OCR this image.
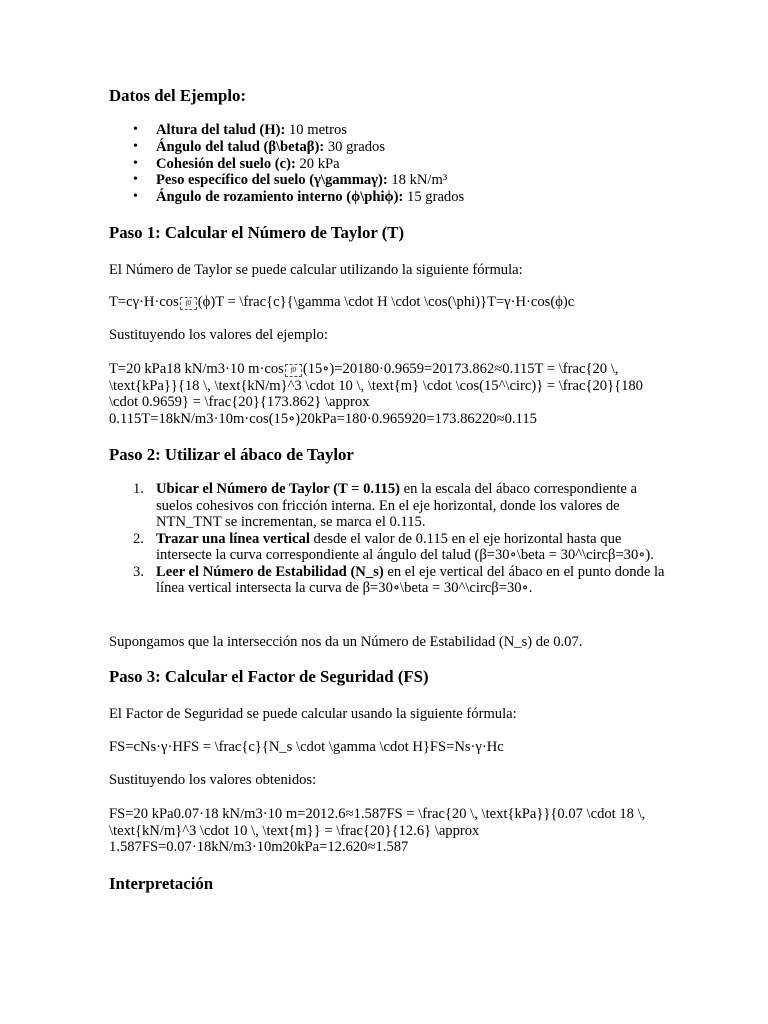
Datos del Ejemplo:
• Altura del talud (H): 10 metros
• Ángulo del talud (β\betaβ): 30 grados
• Cohesión del suelo (c): 20 kPa
• Peso específico del suelo (γ\gammaγ): 18 kN/m³
• Ángulo de rozamiento interno (ϕ\phiϕ): 15 grados
Paso 1: Calcular el Número de Taylor (T)

El Número de Taylor se puede calcular utilizando la siguiente fórmula:

T=cγ·H·cos f0 (ϕ)T = \frac{c}{\gamma \cdot H \cdot \cos(\phi)}T=γ·H·cos(ϕ)c

Sustituyendo los valores del ejemplo:

T=20 kPa18 kN/m3·10 m·cos f0 (15∘)=20180·0.9659=20173.862≈0.115T = \frac{20 \, \text{kPa}}{18 \, \text{kN/m}^3 \cdot 10 \, \text{m} \cdot \cos(15^\circ)} = \frac{20}{180 \cdot 0.9659} = \frac{20}{173.862} \approx 0.115T=18kN/m3·10m·cos(15∘)20kPa=180·0.965920=173.86220≈0.115

Paso 2: Utilizar el ábaco de Taylor
1. Ubicar el Número de Taylor (T = 0.115) en la escala del ábaco correspondiente a suelos cohesivos con fricción interna. En el eje horizontal, donde los valores de NTN_TNT se incrementan, se marca el 0.115.
2. Trazar una línea vertical desde el valor de 0.115 en el eje horizontal hasta que intersecte la curva correspondiente al ángulo del talud (β=30∘\beta = 30^\circβ=30∘).
3. Leer el Número de Estabilidad (N_s) en el eje vertical del ábaco en el punto donde la línea vertical intersecta la curva de β=30∘\beta = 30^\circβ=30∘.

Supongamos que la intersección nos da un Número de Estabilidad (N_s) de 0.07.

Paso 3: Calcular el Factor de Seguridad (FS)

El Factor de Seguridad se puede calcular usando la siguiente fórmula:

FS=cNs·γ·HFS = \frac{c}{N_s \cdot \gamma \cdot H}FS=Ns·γ·Hc

Sustituyendo los valores obtenidos:

FS=20 kPa0.07·18 kN/m3·10 m=2012.6≈1.587FS = \frac{20 \, \text{kPa}}{0.07 \cdot 18 \, \text{kN/m}^3 \cdot 10 \, \text{m}} = \frac{20}{12.6} \approx 1.587FS=0.07·18kN/m3·10m20kPa=12.620≈1.587

Interpretación
